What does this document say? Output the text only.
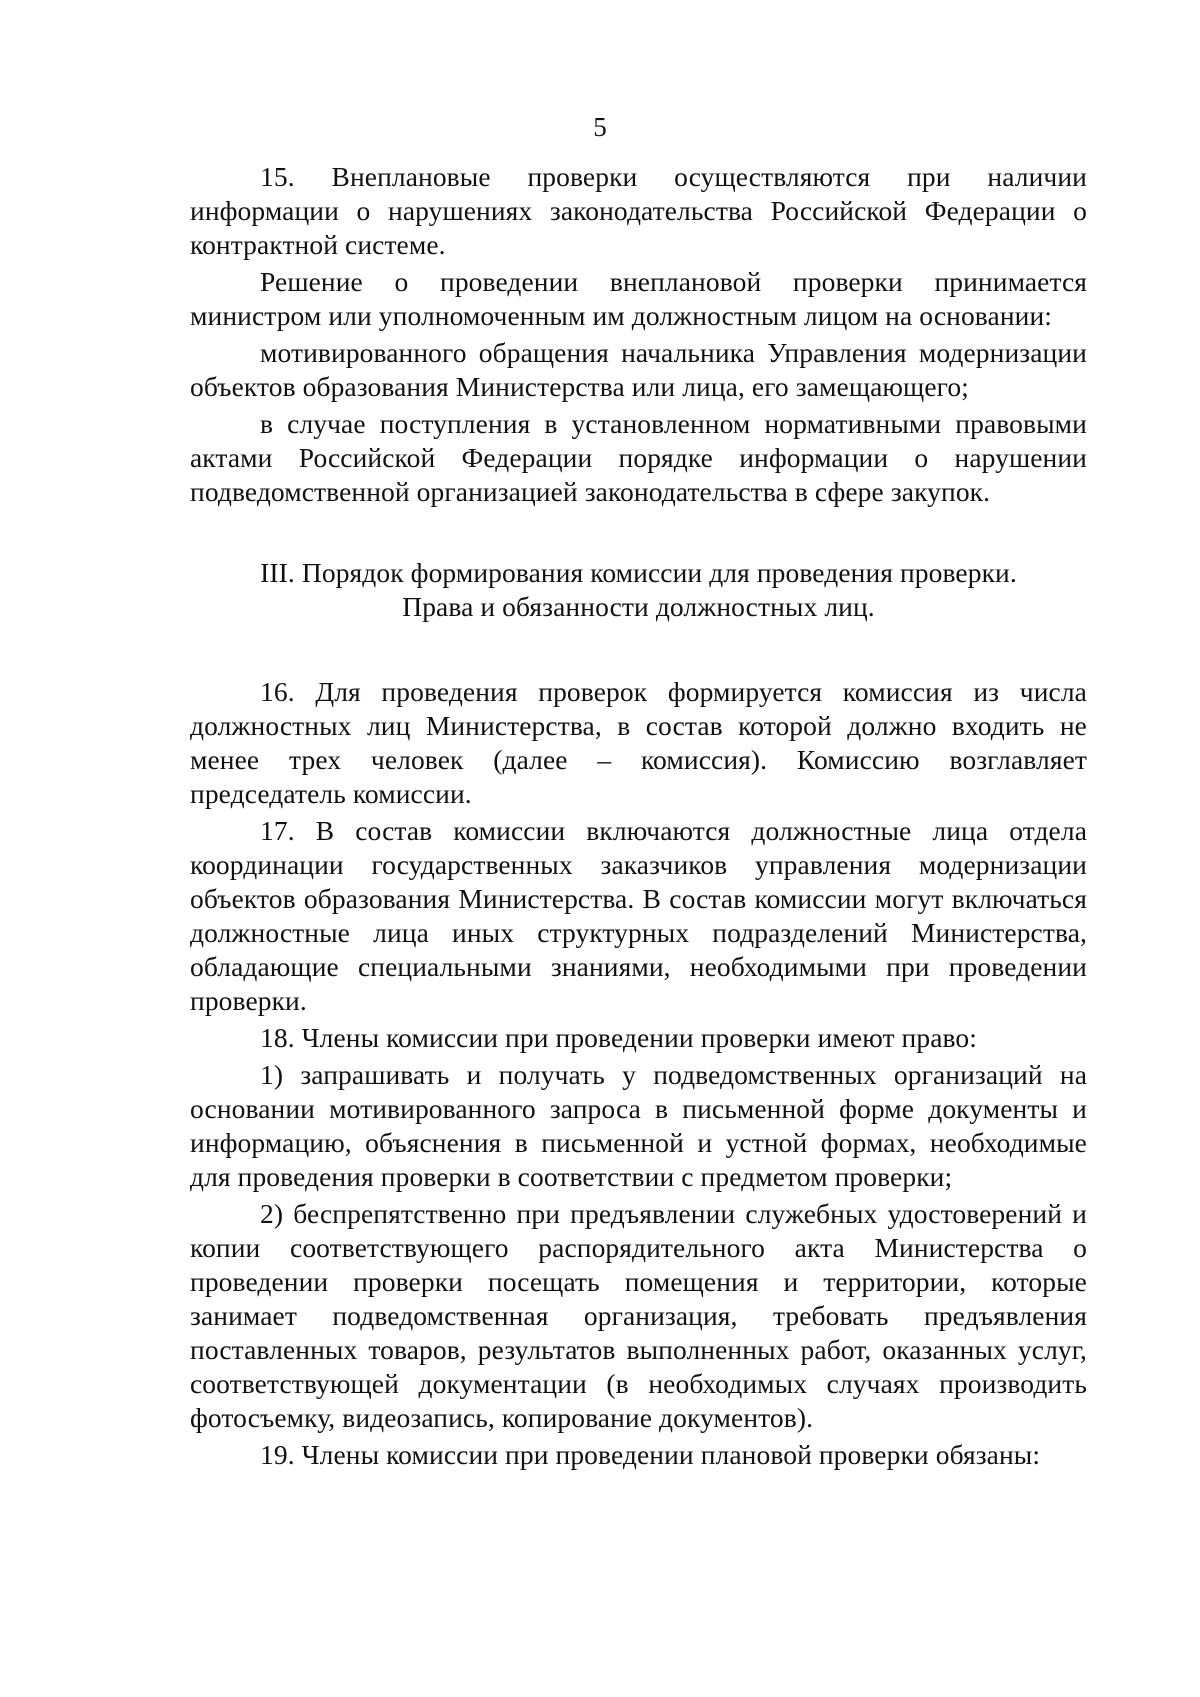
5

15. Внеплановые проверки осуществляются при наличии информации о нарушениях законодательства Российской Федерации о контрактной системе.

Решение о проведении внеплановой проверки принимается министром или уполномоченным им должностным лицом на основании:

мотивированного обращения начальника Управления модернизации объектов образования Министерства или лица, его замещающего;

в случае поступления в установленном нормативными правовыми актами Российской Федерации порядке информации о нарушении подведомственной организацией законодательства в сфере закупок.

III. Порядок формирования комиссии для проведения проверки.
Права и обязанности должностных лиц.

16. Для проведения проверок формируется комиссия из числа должностных лиц Министерства, в состав которой должно входить не менее трех человек (далее – комиссия). Комиссию возглавляет председатель комиссии.

17. В состав комиссии включаются должностные лица отдела координации государственных заказчиков управления модернизации объектов образования Министерства. В состав комиссии могут включаться должностные лица иных структурных подразделений Министерства, обладающие специальными знаниями, необходимыми при проведении проверки.

18. Члены комиссии при проведении проверки имеют право:

1) запрашивать и получать у подведомственных организаций на основании мотивированного запроса в письменной форме документы и информацию, объяснения в письменной и устной формах, необходимые для проведения проверки в соответствии с предметом проверки;

2) беспрепятственно при предъявлении служебных удостоверений и копии соответствующего распорядительного акта Министерства о проведении проверки посещать помещения и территории, которые занимает подведомственная организация, требовать предъявления поставленных товаров, результатов выполненных работ, оказанных услуг, соответствующей документации (в необходимых случаях производить фотосъемку, видеозапись, копирование документов).

19. Члены комиссии при проведении плановой проверки обязаны:
